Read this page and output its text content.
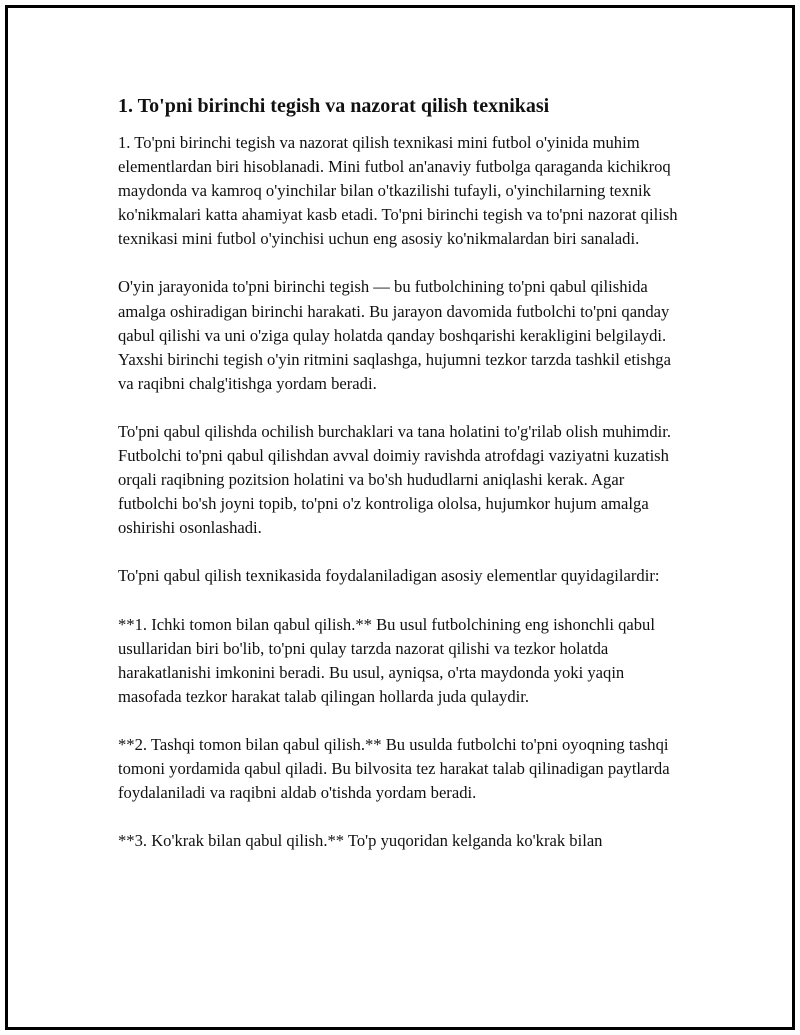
1. To'pni birinchi tegish va nazorat qilish texnikasi

1. To'pni birinchi tegish va nazorat qilish texnikasi mini futbol o'yinida muhim elementlardan biri hisoblanadi. Mini futbol an'anaviy futbolga qaraganda kichikroq maydonda va kamroq o'yinchilar bilan o'tkazilishi tufayli, o'yinchilarning texnik ko'nikmalari katta ahamiyat kasb etadi. To'pni birinchi tegish va to'pni nazorat qilish texnikasi mini futbol o'yinchisi uchun eng asosiy ko'nikmalardan biri sanaladi.

O'yin jarayonida to'pni birinchi tegish — bu futbolchining to'pni qabul qilishida amalga oshiradigan birinchi harakati. Bu jarayon davomida futbolchi to'pni qanday qabul qilishi va uni o'ziga qulay holatda qanday boshqarishi kerakligini belgilaydi. Yaxshi birinchi tegish o'yin ritmini saqlashga, hujumni tezkor tarzda tashkil etishga va raqibni chalg'itishga yordam beradi.

To'pni qabul qilishda ochilish burchaklari va tana holatini to'g'rilab olish muhimdir. Futbolchi to'pni qabul qilishdan avval doimiy ravishda atrofdagi vaziyatni kuzatish orqali raqibning pozitsion holatini va bo'sh hududlarni aniqlashi kerak. Agar futbolchi bo'sh joyni topib, to'pni o'z kontroliga ololsa, hujumkor hujum amalga oshirishi osonlashadi.

To'pni qabul qilish texnikasida foydalaniladigan asosiy elementlar quyidagilardir:

**1. Ichki tomon bilan qabul qilish.** Bu usul futbolchining eng ishonchli qabul usullaridan biri bo'lib, to'pni qulay tarzda nazorat qilishi va tezkor holatda harakatlanishi imkonini beradi. Bu usul, ayniqsa, o'rta maydonda yoki yaqin masofada tezkor harakat talab qilingan hollarda juda qulaydir.

**2. Tashqi tomon bilan qabul qilish.** Bu usulda futbolchi to'pni oyoqning tashqi tomoni yordamida qabul qiladi. Bu bilvosita tez harakat talab qilinadigan paytlarda foydalaniladi va raqibni aldab o'tishda yordam beradi.

**3. Ko'krak bilan qabul qilish.** To'p yuqoridan kelganda ko'krak bilan
